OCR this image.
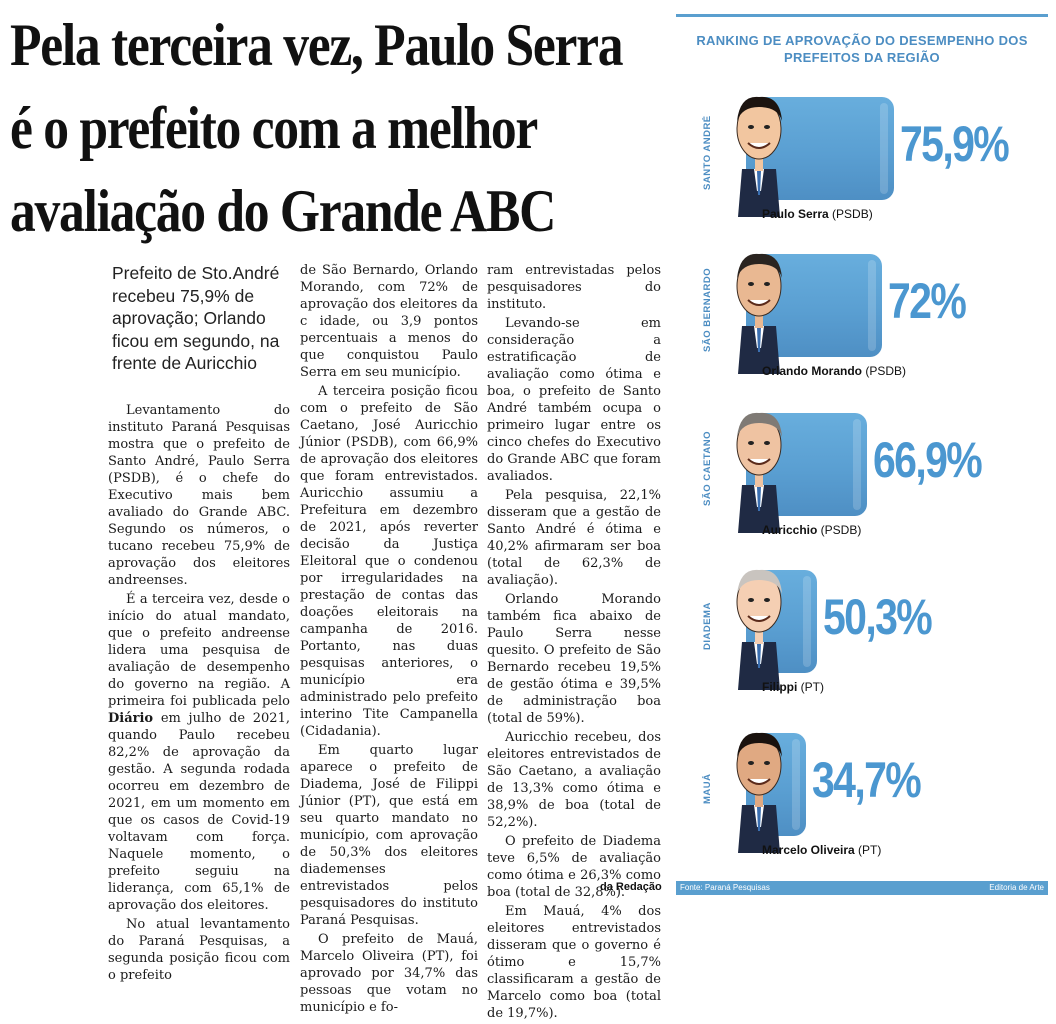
Pela terceira vez, Paulo Serra
é o prefeito com a melhor
avaliação do Grande ABC

Prefeito de Sto.André recebeu 75,9% de aprovação; Orlando ficou em segundo, na frente de Auricchio

Levantamento do instituto Paraná Pesquisas mostra que o prefeito de Santo André, Paulo Serra (PSDB), é o chefe do Executivo mais bem avaliado do Grande ABC. Segundo os números, o tucano recebeu 75,9% de aprovação dos eleitores andreenses.

É a terceira vez, desde o início do atual mandato, que o prefeito andreense lidera uma pesquisa de avaliação de desempenho do governo na região. A primeira foi publicada pelo Diário em julho de 2021, quando Paulo recebeu 82,2% de aprovação da gestão. A segunda rodada ocorreu em dezembro de 2021, em um momento em que os casos de Covid-19 voltavam com força. Naquele momento, o prefeito seguiu na liderança, com 65,1% de aprovação dos eleitores.

No atual levantamento do Paraná Pesquisas, a segunda posição ficou com o prefeito

de São Bernardo, Orlando Morando, com 72% de aprovação dos eleitores da c idade, ou 3,9 pontos percentuais a menos do que conquistou Paulo Serra em seu município.

A terceira posição ficou com o prefeito de São Caetano, José Auricchio Júnior (PSDB), com 66,9% de aprovação dos eleitores que foram entrevistados. Auricchio assumiu a Prefeitura em dezembro de 2021, após reverter decisão da Justiça Eleitoral que o condenou por irregularidades na prestação de contas das doações eleitorais na campanha de 2016. Portanto, nas duas pesquisas anteriores, o município era administrado pelo prefeito interino Tite Campanella (Cidadania).

Em quarto lugar aparece o prefeito de Diadema, José de Filippi Júnior (PT), que está em seu quarto mandato no município, com aprovação de 50,3% dos eleitores diademenses entrevistados pelos pesquisadores do instituto Paraná Pesquisas.

O prefeito de Mauá, Marcelo Oliveira (PT), foi aprovado por 34,7% das pessoas que votam no município e fo-

ram entrevistadas pelos pesquisadores do instituto.

Levando-se em consideração a estratificação de avaliação como ótima e boa, o prefeito de Santo André também ocupa o primeiro lugar entre os cinco chefes do Executivo do Grande ABC que foram avaliados.

Pela pesquisa, 22,1% disseram que a gestão de Santo André é ótima e 40,2% afirmaram ser boa (total de 62,3% de avaliação).

Orlando Morando também fica abaixo de Paulo Serra nesse quesito. O prefeito de São Bernardo recebeu 19,5% de gestão ótima e 39,5% de administração boa (total de 59%).

Auricchio recebeu, dos eleitores entrevistados de São Caetano, a avaliação de 13,3% como ótima e 38,9% de boa (total de 52,2%).

O prefeito de Diadema teve 6,5% de avaliação como ótima e 26,3% como boa (total de 32,8%).

Em Mauá, 4% dos eleitores entrevistados disseram que o governo é ótimo e 15,7% classificaram a gestão de Marcelo como boa (total de 19,7%).

da Redação
RANKING DE APROVAÇÃO DO DESEMPENHO DOS PREFEITOS DA REGIÃO
SANTO ANDRÉ	75,9%
Paulo Serra (PSDB)
SÃO BERNARDO	72%
Orlando Morando (PSDB)
SÃO CAETANO	66,9%
Auricchio (PSDB)
DIADEMA 50,3%
Filippi (PT)
MAUÁ 34,7%
Marcelo Oliveira (PT)
Fonte: Paraná Pesquisas	Editoria de Arte
